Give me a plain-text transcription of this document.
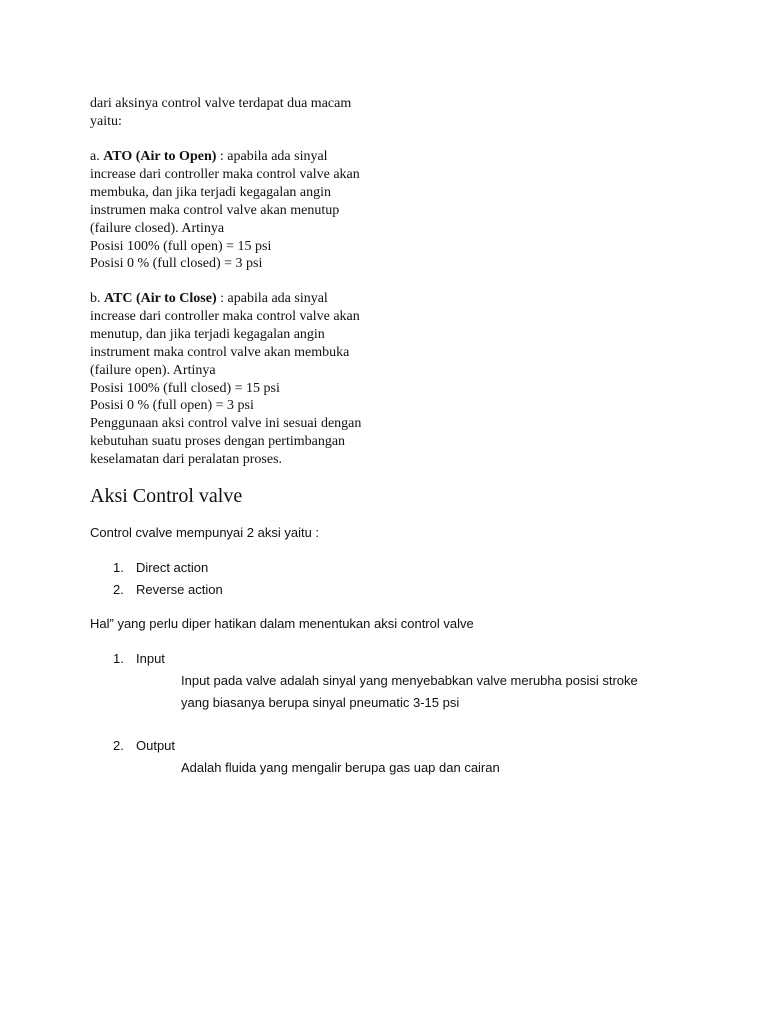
dari aksinya control valve terdapat dua macam

yaitu:

a. ATO (Air to Open) : apabila ada sinyal

increase dari controller maka control valve akan

membuka, dan jika terjadi kegagalan angin

instrumen maka control valve akan menutup

(failure closed). Artinya

Posisi 100% (full open) = 15 psi

Posisi 0 % (full closed) = 3 psi

b. ATC (Air to Close) : apabila ada sinyal

increase dari controller maka control valve akan

menutup, dan jika terjadi kegagalan angin

instrument maka control valve akan membuka

(failure open). Artinya

Posisi 100% (full closed) = 15 psi

Posisi 0 % (full open) = 3 psi

Penggunaan aksi control valve ini sesuai dengan

kebutuhan suatu proses dengan pertimbangan

keselamatan dari peralatan proses.

Aksi Control valve

Control cvalve mempunyai 2 aksi yaitu :

1. Direct action
2. Reverse action

Hal” yang perlu diper hatikan dalam menentukan aksi control valve

1. Input

Input pada valve adalah sinyal yang menyebabkan valve merubha posisi stroke

yang biasanya berupa sinyal pneumatic 3-15 psi

2. Output

Adalah fluida yang mengalir berupa gas uap dan cairan
